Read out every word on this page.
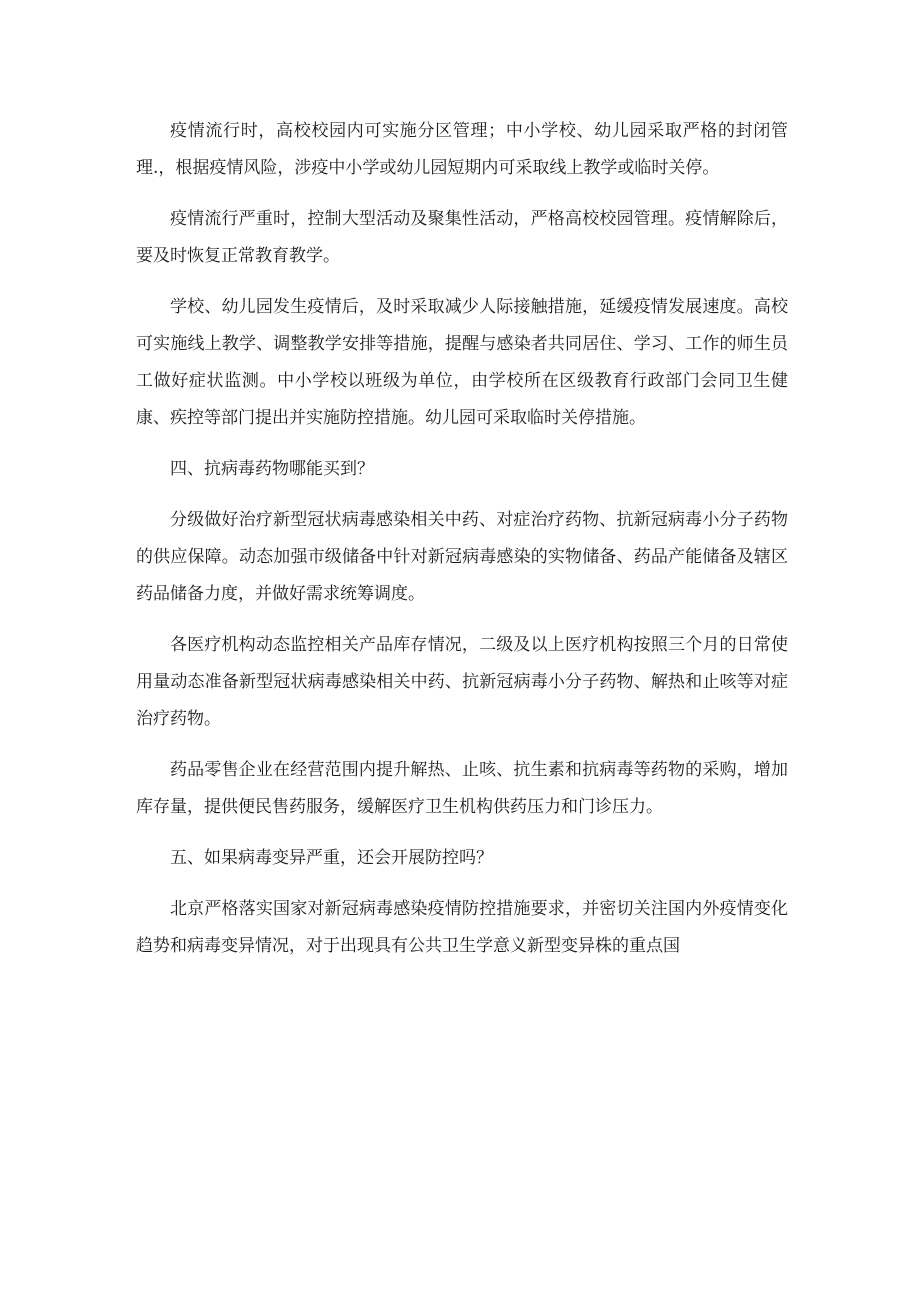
疫情流行时，高校校园内可实施分区管理；中小学校、幼儿园采取严格的封闭管理.，根据疫情风险，涉疫中小学或幼儿园短期内可采取线上教学或临时关停。

疫情流行严重时，控制大型活动及聚集性活动，严格高校校园管理。疫情解除后，要及时恢复正常教育教学。

学校、幼儿园发生疫情后，及时采取减少人际接触措施，延缓疫情发展速度。高校可实施线上教学、调整教学安排等措施，提醒与感染者共同居住、学习、工作的师生员工做好症状监测。中小学校以班级为单位，由学校所在区级教育行政部门会同卫生健康、疾控等部门提出并实施防控措施。幼儿园可采取临时关停措施。

四、抗病毒药物哪能买到？

分级做好治疗新型冠状病毒感染相关中药、对症治疗药物、抗新冠病毒小分子药物的供应保障。动态加强市级储备中针对新冠病毒感染的实物储备、药品产能储备及辖区药品储备力度，并做好需求统筹调度。

各医疗机构动态监控相关产品库存情况，二级及以上医疗机构按照三个月的日常使用量动态准备新型冠状病毒感染相关中药、抗新冠病毒小分子药物、解热和止咳等对症治疗药物。

药品零售企业在经营范围内提升解热、止咳、抗生素和抗病毒等药物的采购，增加库存量，提供便民售药服务，缓解医疗卫生机构供药压力和门诊压力。

五、如果病毒变异严重，还会开展防控吗？

北京严格落实国家对新冠病毒感染疫情防控措施要求，并密切关注国内外疫情变化趋势和病毒变异情况，对于出现具有公共卫生学意义新型变异株的重点国
